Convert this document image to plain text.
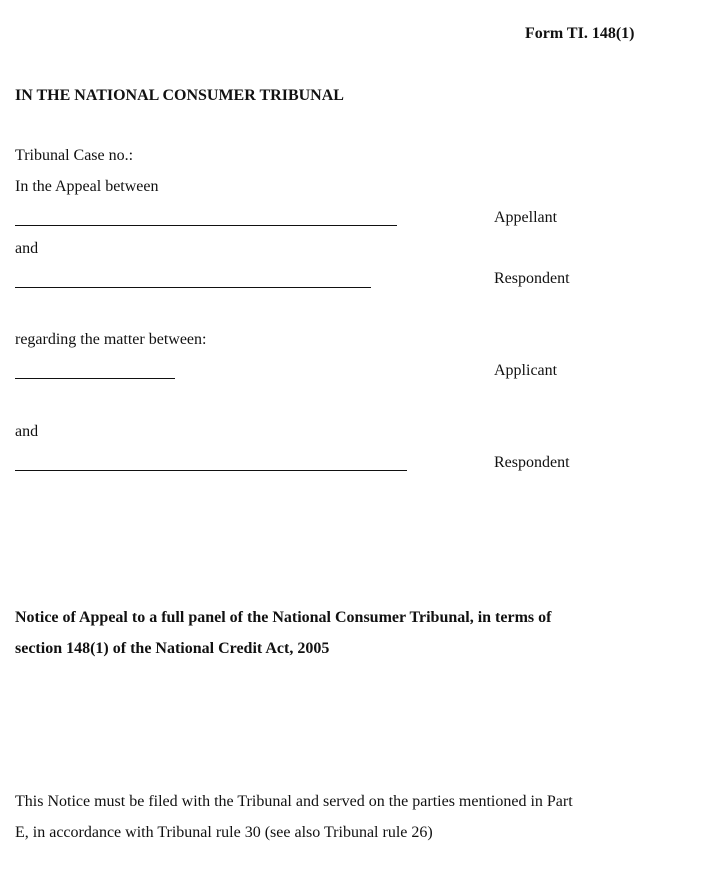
Form TI. 148(1)
IN THE NATIONAL CONSUMER TRIBUNAL
Tribunal Case no.:
In the Appeal between
Appellant
and
Respondent
regarding the matter between:
Applicant
and
Respondent
Notice of Appeal to a full panel of the National Consumer Tribunal, in terms of
section 148(1) of the National Credit Act, 2005
This Notice must be filed with the Tribunal and served on the parties mentioned in Part
E, in accordance with Tribunal rule 30 (see also Tribunal rule 26)
